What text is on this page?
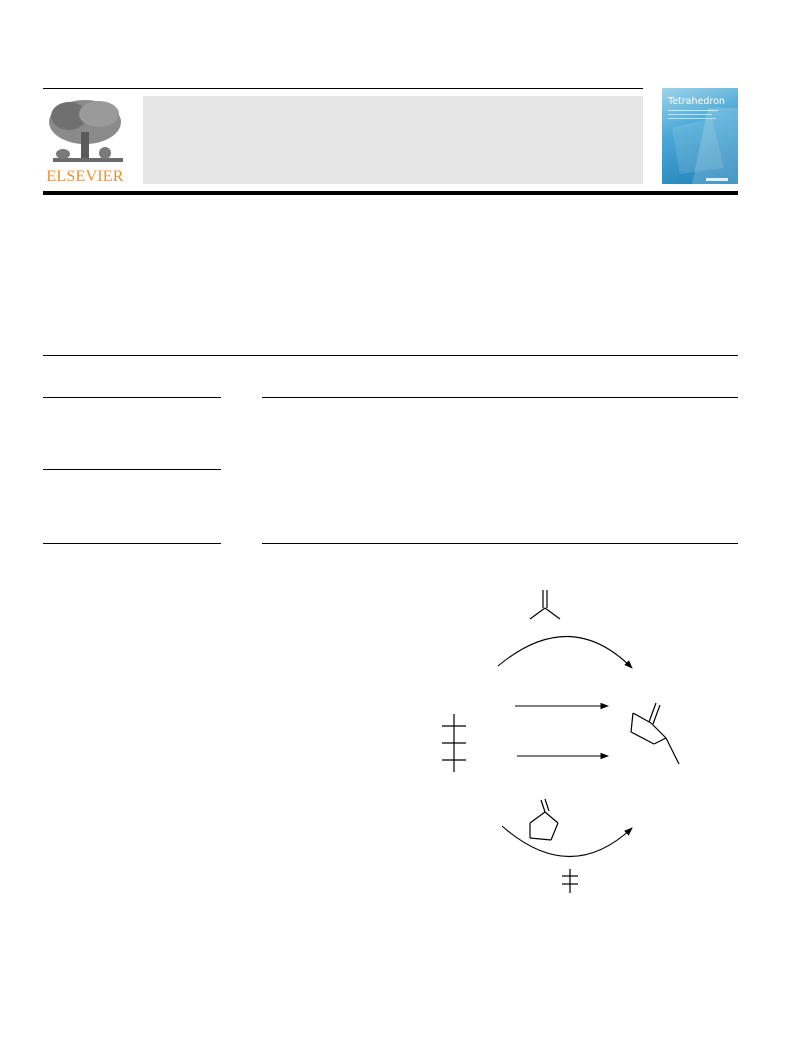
ELSEVIER
Tetrahedron
